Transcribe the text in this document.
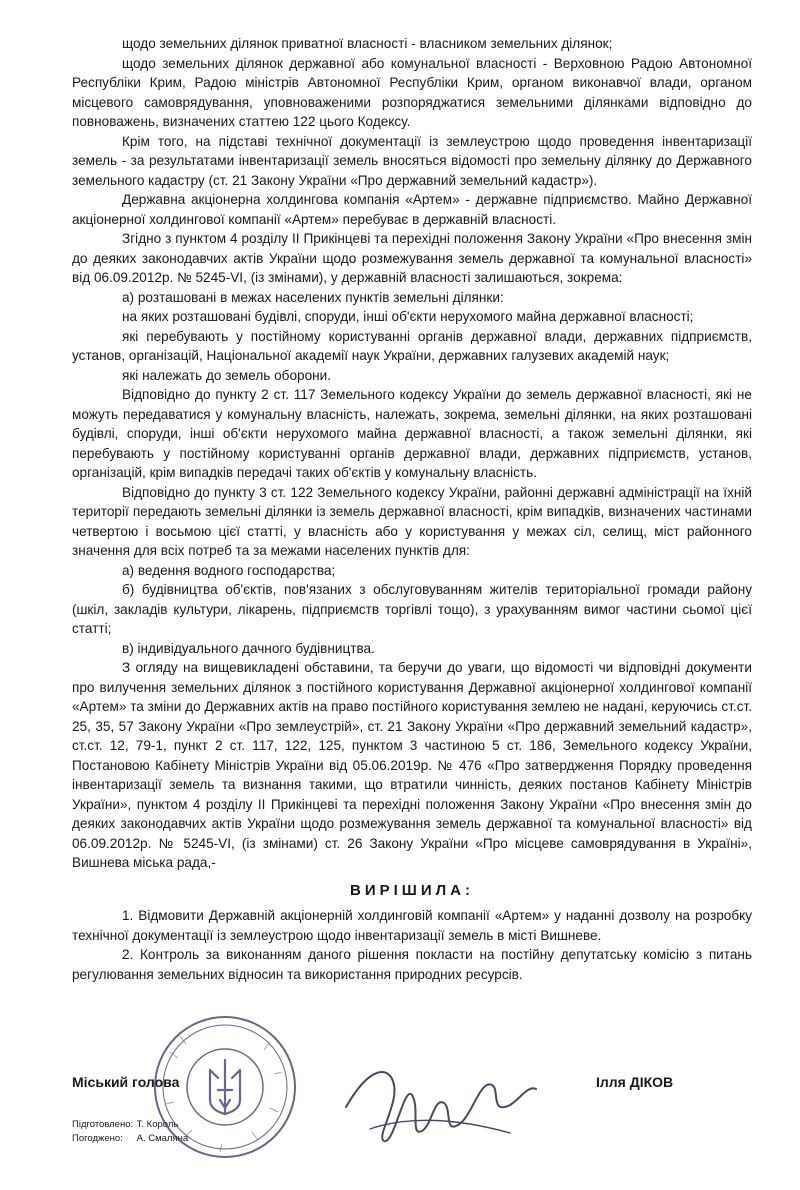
щодо земельних ділянок приватної власності - власником земельних ділянок;

щодо земельних ділянок державної або комунальної власності - Верховною Радою Автономної Республіки Крим, Радою міністрів Автономної Республіки Крим, органом виконавчої влади, органом місцевого самоврядування, уповноваженими розпоряджатися земельними ділянками відповідно до повноважень, визначених статтею 122 цього Кодексу.

Крім того, на підставі технічної документації із землеустрою щодо проведення інвентаризації земель - за результатами інвентаризації земель вносяться відомості про земельну ділянку до Державного земельного кадастру (ст. 21 Закону України «Про державний земельний кадастр»).

Державна акціонерна холдингова компанія «Артем» - державне підприємство. Майно Державної акціонерної холдингової компанії «Артем» перебуває в державній власності.

Згідно з пунктом 4 розділу ІІ Прикінцеві та перехідні положення Закону України «Про внесення змін до деяких законодавчих актів України щодо розмежування земель державної та комунальної власності» від 06.09.2012р. № 5245-VI, (із змінами), у державній власності залишаються, зокрема:

а) розташовані в межах населених пунктів земельні ділянки:

на яких розташовані будівлі, споруди, інші об'єкти нерухомого майна державної власності;

які перебувають у постійному користуванні органів державної влади, державних підприємств, установ, організацій, Національної академії наук України, державних галузевих академій наук;

які належать до земель оборони.

Відповідно до пункту 2 ст. 117 Земельного кодексу України до земель державної власності, які не можуть передаватися у комунальну власність, належать, зокрема, земельні ділянки, на яких розташовані будівлі, споруди, інші об'єкти нерухомого майна державної власності, а також земельні ділянки, які перебувають у постійному користуванні органів державної влади, державних підприємств, установ, організацій, крім випадків передачі таких об'єктів у комунальну власність.

Відповідно до пункту 3 ст. 122 Земельного кодексу України, районні державні адміністрації на їхній території передають земельні ділянки із земель державної власності, крім випадків, визначених частинами четвертою і восьмою цієї статті, у власність або у користування у межах сіл, селищ, міст районного значення для всіх потреб та за межами населених пунктів для:

а) ведення водного господарства;

б) будівництва об'єктів, пов'язаних з обслуговуванням жителів територіальної громади району (шкіл, закладів культури, лікарень, підприємств торгівлі тощо), з урахуванням вимог частини сьомої цієї статті;

в) індивідуального дачного будівництва.

З огляду на вищевикладені обставини, та беручи до уваги, що відомості чи відповідні документи про вилучення земельних ділянок з постійного користування Державної акціонерної холдингової компанії «Артем» та зміни до Державних актів на право постійного користування землею не надані, керуючись ст.ст. 25, 35, 57 Закону України «Про землеустрій», ст. 21 Закону України «Про державний земельний кадастр», ст.ст. 12, 79-1, пункт 2 ст. 117, 122, 125, пунктом 3 частиною 5 ст. 186, Земельного кодексу України, Постановою Кабінету Міністрів України від 05.06.2019р. № 476 «Про затвердження Порядку проведення інвентаризації земель та визнання такими, що втратили чинність, деяких постанов Кабінету Міністрів України», пунктом 4 розділу ІІ Прикінцеві та перехідні положення Закону України «Про внесення змін до деяких законодавчих актів України щодо розмежування земель державної та комунальної власності» від 06.09.2012р. № 5245-VI, (із змінами) ст. 26 Закону України «Про місцеве самоврядування в Україні», Вишнева міська рада,-

ВИРІШИЛА:

1. Відмовити Державній акціонерній холдинговій компанії «Артем» у наданні дозволу на розробку технічної документації із землеустрою щодо інвентаризації земель в місті Вишневе.

2. Контроль за виконанням даного рішення покласти на постійну депутатську комісію з питань регулювання земельних відносин та використання природних ресурсів.

Міський голова	Ілля ДІКОВ
Підготовлено: Т. Король
Погоджено: А. Смаляна
